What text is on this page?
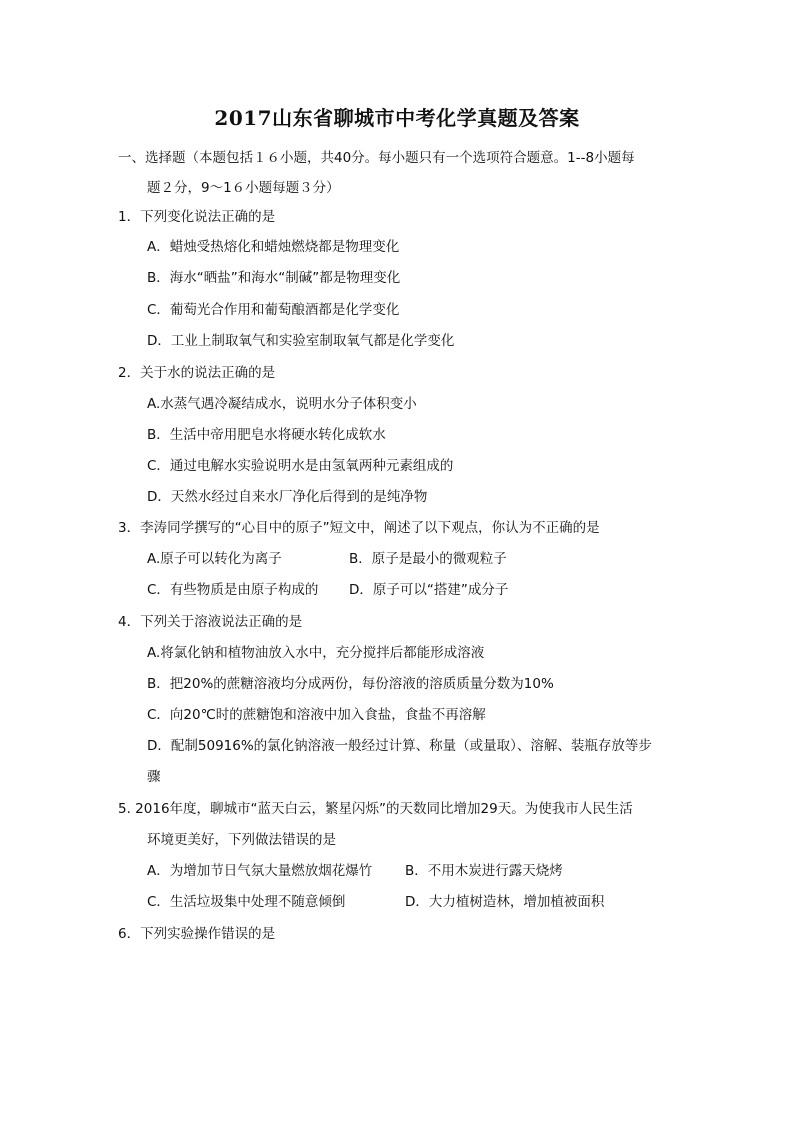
2017山东省聊城市中考化学真题及答案
一、选择题（本题包括１６小题，共40分。每小题只有一个选项符合题意。1--8小题每
题２分，9～1６小题每题３分）
1．下列变化说法正确的是
A．蜡烛受热熔化和蜡烛燃烧都是物理变化
B．海水“晒盐”和海水“制碱”都是物理变化
C．葡萄光合作用和葡萄酿酒都是化学变化
D．工业上制取氧气和实验室制取氧气都是化学变化
2．关于水的说法正确的是
A.水蒸气遇冷凝结成水，说明水分子体积变小
B．生活中帝用肥皂水将硬水转化成软水
C．通过电解水实验说明水是由氢氧两种元素组成的
D．天然水经过自来水厂净化后得到的是纯净物
3．李涛同学撰写的“心目中的原子”短文中，阐述了以下观点，你认为不正确的是
A.原子可以转化为离子	B．原子是最小的微观粒子
C．有些物质是由原子构成的 D．原子可以“搭建”成分子
4．下列关于溶液说法正确的是
A.将氯化钠和植物油放入水中，充分搅拌后都能形成溶液
B．把20%的蔗糖溶液均分成两份，每份溶液的溶质质量分数为10%
C．向20℃时的蔗糖饱和溶液中加入食盐，食盐不再溶解
D．配制50916%的氯化钠溶液一般经过计算、称量（或量取）、溶解、装瓶存放等步
骤
5. 2016年度，聊城市“蓝天白云，繁星闪烁”的天数同比增加29天。为使我市人民生活
环境更美好，下列做法错误的是
A．为增加节日气氛大量燃放烟花爆竹 B．不用木炭进行露天烧烤
C．生活垃圾集中处理不随意倾倒	D．大力植树造林，增加植被面积
6．下列实验操作错误的是
